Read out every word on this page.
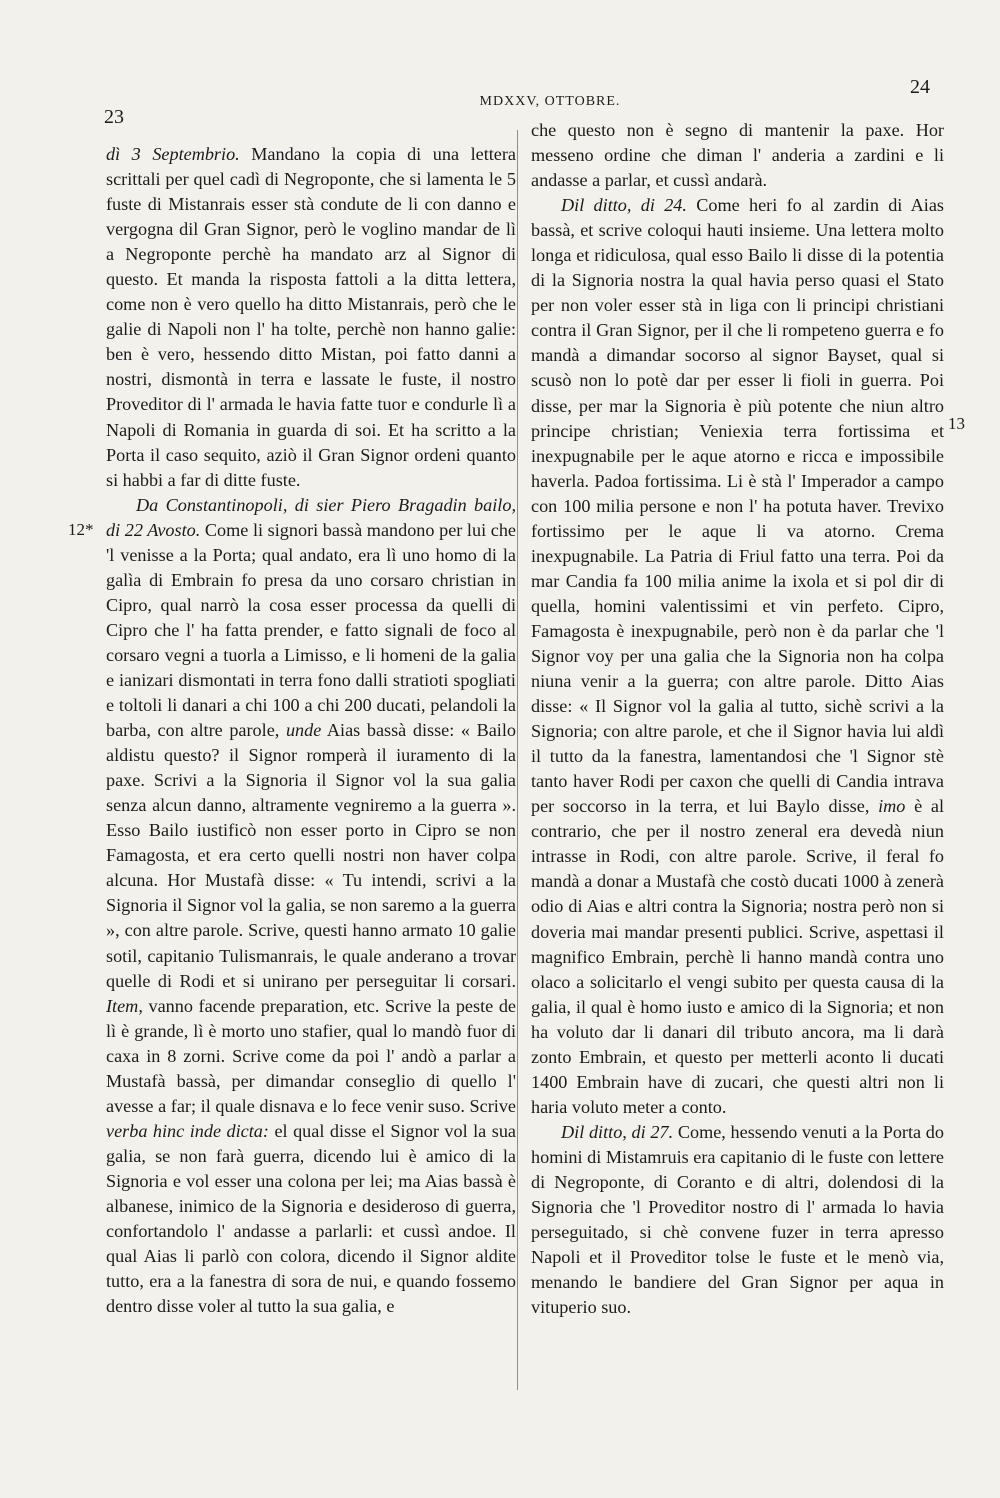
23
MDXXV, OTTOBRE.
24
12*
13

dì 3 Septembrio. Mandano la copia di una lettera scrittali per quel cadì di Negroponte, che si lamenta le 5 fuste di Mistanrais esser stà condute de li con danno e vergogna dil Gran Signor, però le voglino mandar de lì a Negroponte perchè ha mandato arz al Signor di questo. Et manda la risposta fattoli a la ditta lettera, come non è vero quello ha ditto Mistanrais, però che le galie di Napoli non l' ha tolte, perchè non hanno galie: ben è vero, hessendo ditto Mistan, poi fatto danni a nostri, dismontà in terra e lassate le fuste, il nostro Proveditor di l' armada le havia fatte tuor e condurle lì a Napoli di Romania in guarda di soi. Et ha scritto a la Porta il caso sequito, aziò il Gran Signor ordeni quanto si habbi a far di ditte fuste.

Da Constantinopoli, di sier Piero Bragadin bailo, di 22 Avosto. Come li signori bassà mandono per lui che 'l venisse a la Porta; qual andato, era lì uno homo di la galìa di Embrain fo presa da uno corsaro christian in Cipro, qual narrò la cosa esser processa da quelli di Cipro che l' ha fatta prender, e fatto signali de foco al corsaro vegni a tuorla a Limisso, e li homeni de la galia e ianizari dismontati in terra fono dalli stratioti spogliati e toltoli li danari a chi 100 a chi 200 ducati, pelandoli la barba, con altre parole, unde Aias bassà disse: « Bailo aldistu questo? il Signor romperà il iuramento di la paxe. Scrivi a la Signoria il Signor vol la sua galia senza alcun danno, altramente vegniremo a la guerra ». Esso Bailo iustificò non esser porto in Cipro se non Famagosta, et era certo quelli nostri non haver colpa alcuna. Hor Mustafà disse: « Tu intendi, scrivi a la Signoria il Signor vol la galia, se non saremo a la guerra », con altre parole. Scrive, questi hanno armato 10 galie sotil, capitanio Tulismanrais, le quale anderano a trovar quelle di Rodi et si unirano per perseguitar li corsari. Item, vanno facende preparation, etc. Scrive la peste de lì è grande, lì è morto uno stafier, qual lo mandò fuor di caxa in 8 zorni. Scrive come da poi l' andò a parlar a Mustafà bassà, per dimandar conseglio di quello l' avesse a far; il quale disnava e lo fece venir suso. Scrive verba hinc inde dicta: el qual disse el Signor vol la sua galia, se non farà guerra, dicendo lui è amico di la Signoria e vol esser una colona per lei; ma Aias bassà è albanese, inimico de la Signoria e desideroso di guerra, confortandolo l' andasse a parlarli: et cussì andoe. Il qual Aias li parlò con colora, dicendo il Signor aldite tutto, era a la fanestra di sora de nui, e quando fossemo dentro disse voler al tutto la sua galia, e

che questo non è segno di mantenir la paxe. Hor messeno ordine che diman l' anderia a zardini e li andasse a parlar, et cussì andarà.

Dil ditto, di 24. Come heri fo al zardin di Aias bassà, et scrive coloqui hauti insieme. Una lettera molto longa et ridiculosa, qual esso Bailo li disse di la potentia di la Signoria nostra la qual havia perso quasi el Stato per non voler esser stà in liga con li principi christiani contra il Gran Signor, per il che li rompeteno guerra e fo mandà a dimandar socorso al signor Bayset, qual si scusò non lo potè dar per esser li fioli in guerra. Poi disse, per mar la Signoria è più potente che niun altro principe christian; Veniexia terra fortissima et inexpugnabile per le aque atorno e ricca e impossibile haverla. Padoa fortissima. Li è stà l' Imperador a campo con 100 milia persone e non l' ha potuta haver. Trevixo fortissimo per le aque li va atorno. Crema inexpugnabile. La Patria di Friul fatto una terra. Poi da mar Candia fa 100 milia anime la ixola et si pol dir di quella, homini valentissimi et vin perfeto. Cipro, Famagosta è inexpugnabile, però non è da parlar che 'l Signor voy per una galia che la Signoria non ha colpa niuna venir a la guerra; con altre parole. Ditto Aias disse: « Il Signor vol la galia al tutto, sichè scrivi a la Signoria; con altre parole, et che il Signor havia lui aldì il tutto da la fanestra, lamentandosi che 'l Signor stè tanto haver Rodi per caxon che quelli di Candia intrava per soccorso in la terra, et lui Baylo disse, imo è al contrario, che per il nostro zeneral era devedà niun intrasse in Rodi, con altre parole. Scrive, il feral fo mandà a donar a Mustafà che costò ducati 1000 à zenerà odio di Aias e altri contra la Signoria; nostra però non si doveria mai mandar presenti publici. Scrive, aspettasi il magnifico Embrain, perchè li hanno mandà contra uno olaco a solicitarlo el vengi subito per questa causa di la galia, il qual è homo iusto e amico di la Signoria; et non ha voluto dar li danari dil tributo ancora, ma li darà zonto Embrain, et questo per metterli aconto li ducati 1400 Embrain have di zucari, che questi altri non li haria voluto meter a conto.

Dil ditto, di 27. Come, hessendo venuti a la Porta do homini di Mistamruis era capitanio di le fuste con lettere di Negroponte, di Coranto e di altri, dolendosi di la Signoria che 'l Proveditor nostro di l' armada lo havia perseguitado, si chè convene fuzer in terra apresso Napoli et il Proveditor tolse le fuste et le menò via, menando le bandiere del Gran Signor per aqua in vituperio suo.
